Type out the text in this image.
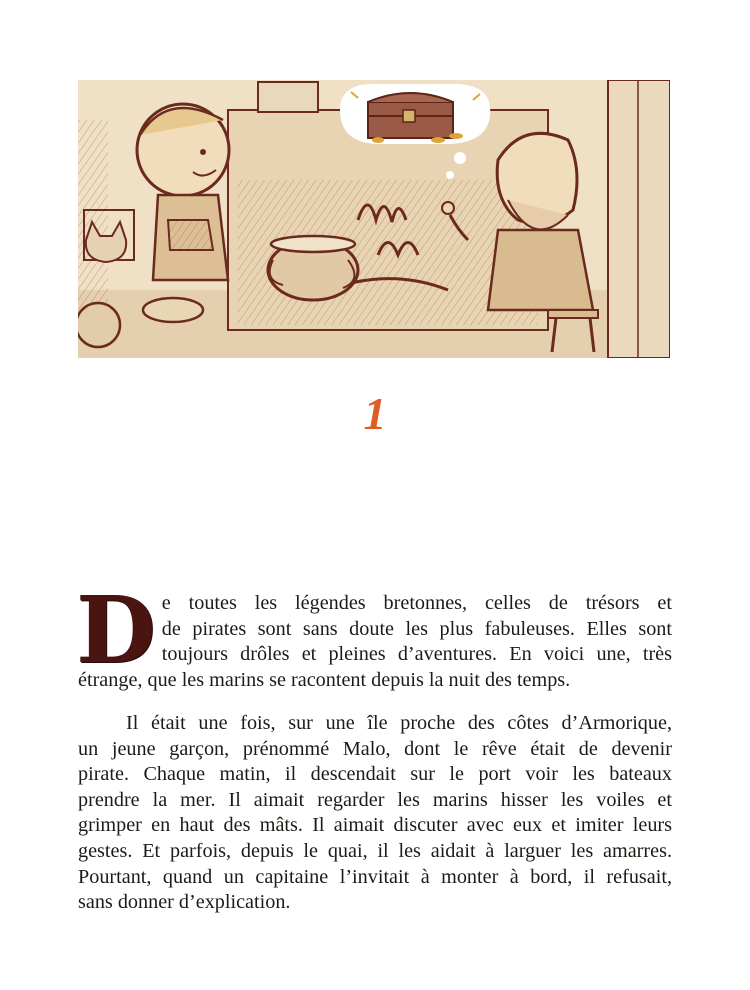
1
D e toutes les légendes bretonnes, celles de trésors et
de pirates sont sans doute les plus fabuleuses. Elles sont
toujours drôles et pleines d’aventures. En voici une, très
étrange, que les marins se racontent depuis la nuit des temps.
Il était une fois, sur une île proche des côtes d’Armorique,
un jeune garçon, prénommé Malo, dont le rêve était de devenir
pirate. Chaque matin, il descendait sur le port voir les bateaux
prendre la mer. Il aimait regarder les marins hisser les voiles et
grimper en haut des mâts. Il aimait discuter avec eux et imiter leurs
gestes. Et parfois, depuis le quai, il les aidait à larguer les amarres.
Pourtant, quand un capitaine l’invitait à monter à bord, il refusait,
sans donner d’explication.
